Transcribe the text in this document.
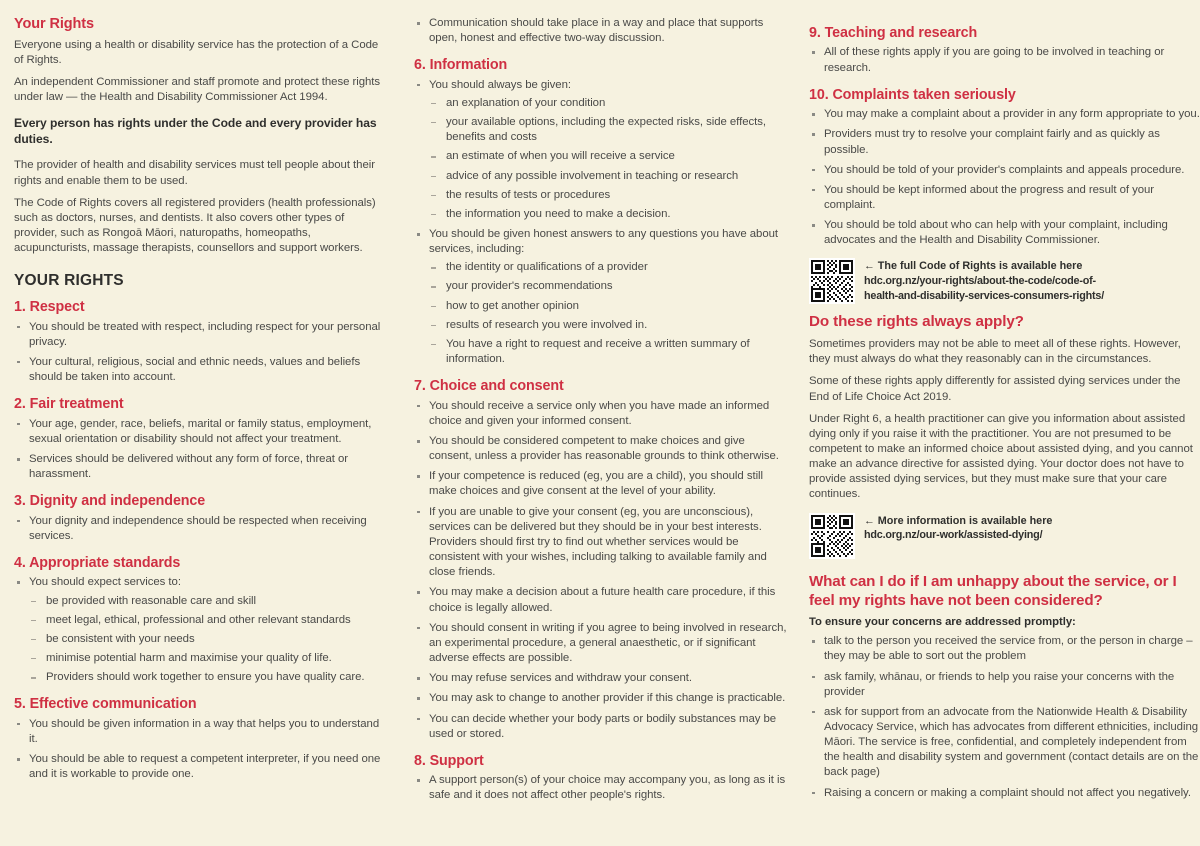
Your Rights

Everyone using a health or disability service has the protection of a Code of Rights.

An independent Commissioner and staff promote and protect these rights under law — the Health and Disability Commissioner Act 1994.

Every person has rights under the Code and every provider has duties.

The provider of health and disability services must tell people about their rights and enable them to be used.

The Code of Rights covers all registered providers (health professionals) such as doctors, nurses, and dentists. It also covers other types of provider, such as Rongoā Māori, naturopaths, homeopaths, acupuncturists, massage therapists, counsellors and support workers.

YOUR RIGHTS
1. Respect
You should be treated with respect, including respect for your personal privacy.
Your cultural, religious, social and ethnic needs, values and beliefs should be taken into account.
2. Fair treatment
Your age, gender, race, beliefs, marital or family status, employment, sexual orientation or disability should not affect your treatment.
Services should be delivered without any form of force, threat or harassment.
3. Dignity and independence
Your dignity and independence should be respected when receiving services.
4. Appropriate standards
You should expect services to:
be provided with reasonable care and skill
meet legal, ethical, professional and other relevant standards
be consistent with your needs
minimise potential harm and maximise your quality of life.
Providers should work together to ensure you have quality care.
5. Effective communication
You should be given information in a way that helps you to understand it.
You should be able to request a competent interpreter, if you need one and it is workable to provide one.
Communication should take place in a way and place that supports open, honest and effective two-way discussion.
6. Information
You should always be given:
an explanation of your condition
your available options, including the expected risks, side effects, benefits and costs
an estimate of when you will receive a service
advice of any possible involvement in teaching or research
the results of tests or procedures
the information you need to make a decision.
You should be given honest answers to any questions you have about services, including:
the identity or qualifications of a provider
your provider's recommendations
how to get another opinion
results of research you were involved in.
You have a right to request and receive a written summary of information.
7. Choice and consent
You should receive a service only when you have made an informed choice and given your informed consent.
You should be considered competent to make choices and give consent, unless a provider has reasonable grounds to think otherwise.
If your competence is reduced (eg, you are a child), you should still make choices and give consent at the level of your ability.
If you are unable to give your consent (eg, you are unconscious), services can be delivered but they should be in your best interests. Providers should first try to find out whether services would be consistent with your wishes, including talking to available family and close friends.
You may make a decision about a future health care procedure, if this choice is legally allowed.
You should consent in writing if you agree to being involved in research, an experimental procedure, a general anaesthetic, or if significant adverse effects are possible.
You may refuse services and withdraw your consent.
You may ask to change to another provider if this change is practicable.
You can decide whether your body parts or bodily substances may be used or stored.
8. Support
A support person(s) of your choice may accompany you, as long as it is safe and it does not affect other people's rights.
9. Teaching and research
All of these rights apply if you are going to be involved in teaching or research.
10. Complaints taken seriously
You may make a complaint about a provider in any form appropriate to you.
Providers must try to resolve your complaint fairly and as quickly as possible.
You should be told of your provider's complaints and appeals procedure.
You should be kept informed about the progress and result of your complaint.
You should be told about who can help with your complaint, including advocates and the Health and Disability Commissioner.
← The full Code of Rights is available here
hdc.org.nz/your-rights/about-the-code/code-of-
health-and-disability-services-consumers-rights/
Do these rights always apply?

Sometimes providers may not be able to meet all of these rights. However, they must always do what they reasonably can in the circumstances.

Some of these rights apply differently for assisted dying services under the End of Life Choice Act 2019.

Under Right 6, a health practitioner can give you information about assisted dying only if you raise it with the practitioner. You are not presumed to be competent to make an informed choice about assisted dying, and you cannot make an advance directive for assisted dying. Your doctor does not have to provide assisted dying services, but they must make sure that your care continues.

← More information is available here
hdc.org.nz/our-work/assisted-dying/
What can I do if I am unhappy about the service, or I feel my rights have not been considered?

To ensure your concerns are addressed promptly:

talk to the person you received the service from, or the person in charge – they may be able to sort out the problem
ask family, whānau, or friends to help you raise your concerns with the provider
ask for support from an advocate from the Nationwide Health & Disability Advocacy Service, which has advocates from different ethnicities, including Māori. The service is free, confidential, and completely independent from the health and disability system and government (contact details are on the back page)
Raising a concern or making a complaint should not affect you negatively.
